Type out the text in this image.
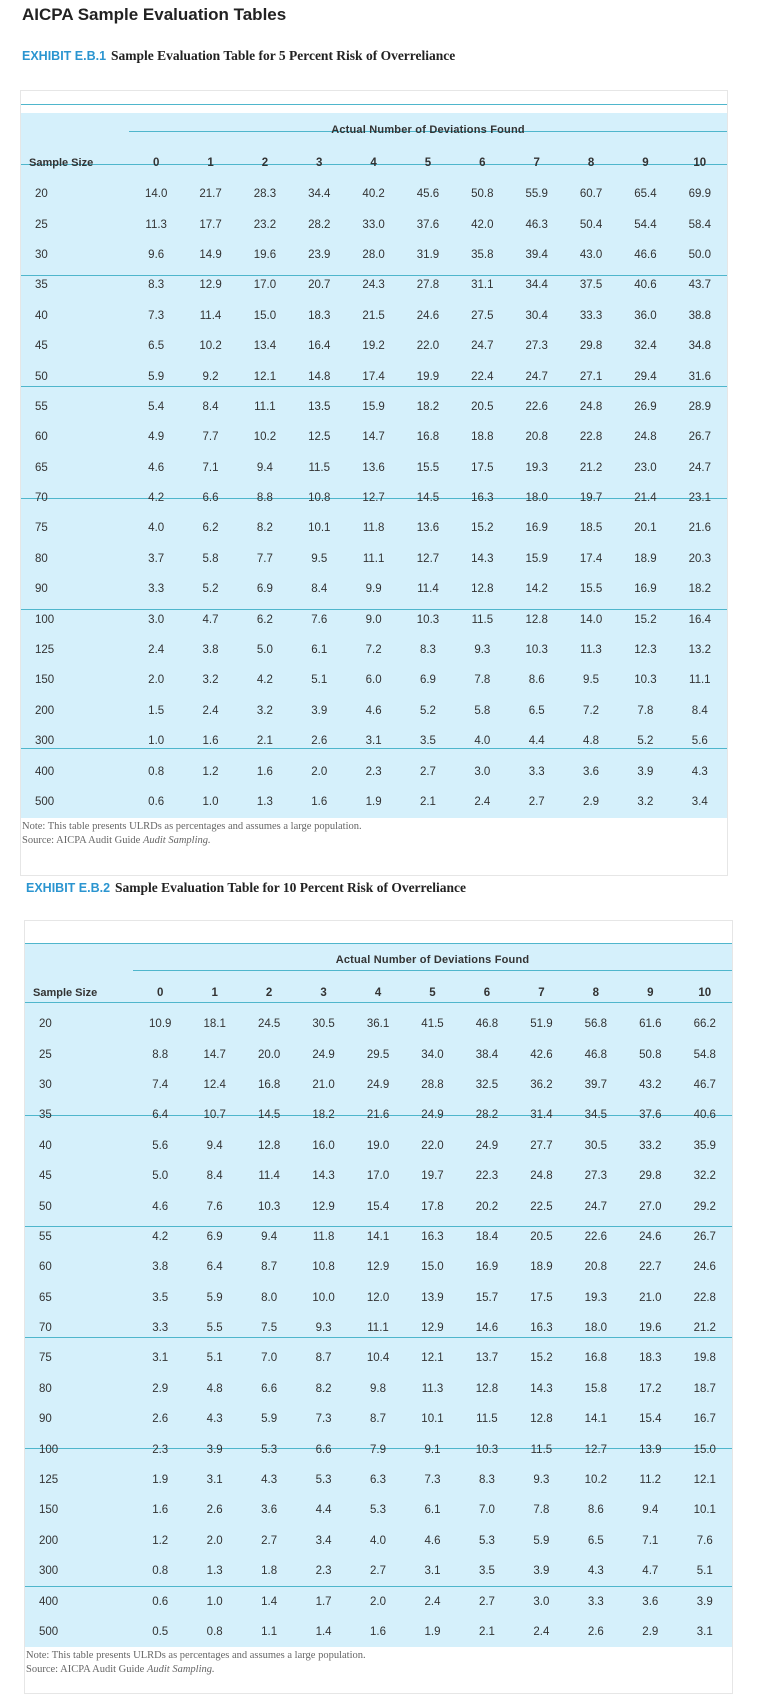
AICPA Sample Evaluation Tables
EXHIBIT E.B.1 Sample Evaluation Table for 5 Percent Risk of Overreliance
	Actual Number of Deviations Found										
Sample Size	0	1	2	3	4	5	6	7	8	9	10
20	14.0	21.7	28.3	34.4	40.2	45.6	50.8	55.9	60.7	65.4	69.9
25	11.3	17.7	23.2	28.2	33.0	37.6	42.0	46.3	50.4	54.4	58.4
30	9.6	14.9	19.6	23.9	28.0	31.9	35.8	39.4	43.0	46.6	50.0
35	8.3	12.9	17.0	20.7	24.3	27.8	31.1	34.4	37.5	40.6	43.7
40	7.3	11.4	15.0	18.3	21.5	24.6	27.5	30.4	33.3	36.0	38.8
45	6.5	10.2	13.4	16.4	19.2	22.0	24.7	27.3	29.8	32.4	34.8
50	5.9	9.2	12.1	14.8	17.4	19.9	22.4	24.7	27.1	29.4	31.6
55	5.4	8.4	11.1	13.5	15.9	18.2	20.5	22.6	24.8	26.9	28.9
60	4.9	7.7	10.2	12.5	14.7	16.8	18.8	20.8	22.8	24.8	26.7
65	4.6	7.1	9.4	11.5	13.6	15.5	17.5	19.3	21.2	23.0	24.7
70	4.2	6.6	8.8	10.8	12.7	14.5	16.3	18.0	19.7	21.4	23.1
75	4.0	6.2	8.2	10.1	11.8	13.6	15.2	16.9	18.5	20.1	21.6
80	3.7	5.8	7.7	9.5	11.1	12.7	14.3	15.9	17.4	18.9	20.3
90	3.3	5.2	6.9	8.4	9.9	11.4	12.8	14.2	15.5	16.9	18.2
100	3.0	4.7	6.2	7.6	9.0	10.3	11.5	12.8	14.0	15.2	16.4
125	2.4	3.8	5.0	6.1	7.2	8.3	9.3	10.3	11.3	12.3	13.2
150	2.0	3.2	4.2	5.1	6.0	6.9	7.8	8.6	9.5	10.3	11.1
200	1.5	2.4	3.2	3.9	4.6	5.2	5.8	6.5	7.2	7.8	8.4
300	1.0	1.6	2.1	2.6	3.1	3.5	4.0	4.4	4.8	5.2	5.6
400	0.8	1.2	1.6	2.0	2.3	2.7	3.0	3.3	3.6	3.9	4.3
500	0.6	1.0	1.3	1.6	1.9	2.1	2.4	2.7	2.9	3.2	3.4
Note: This table presents ULRDs as percentages and assumes a large population.
Source: AICPA Audit Guide Audit Sampling.
EXHIBIT E.B.2 Sample Evaluation Table for 10 Percent Risk of Overreliance
	Actual Number of Deviations Found										
Sample Size	0	1	2	3	4	5	6	7	8	9	10
20	10.9	18.1	24.5	30.5	36.1	41.5	46.8	51.9	56.8	61.6	66.2
25	8.8	14.7	20.0	24.9	29.5	34.0	38.4	42.6	46.8	50.8	54.8
30	7.4	12.4	16.8	21.0	24.9	28.8	32.5	36.2	39.7	43.2	46.7
35	6.4	10.7	14.5	18.2	21.6	24.9	28.2	31.4	34.5	37.6	40.6
40	5.6	9.4	12.8	16.0	19.0	22.0	24.9	27.7	30.5	33.2	35.9
45	5.0	8.4	11.4	14.3	17.0	19.7	22.3	24.8	27.3	29.8	32.2
50	4.6	7.6	10.3	12.9	15.4	17.8	20.2	22.5	24.7	27.0	29.2
55	4.2	6.9	9.4	11.8	14.1	16.3	18.4	20.5	22.6	24.6	26.7
60	3.8	6.4	8.7	10.8	12.9	15.0	16.9	18.9	20.8	22.7	24.6
65	3.5	5.9	8.0	10.0	12.0	13.9	15.7	17.5	19.3	21.0	22.8
70	3.3	5.5	7.5	9.3	11.1	12.9	14.6	16.3	18.0	19.6	21.2
75	3.1	5.1	7.0	8.7	10.4	12.1	13.7	15.2	16.8	18.3	19.8
80	2.9	4.8	6.6	8.2	9.8	11.3	12.8	14.3	15.8	17.2	18.7
90	2.6	4.3	5.9	7.3	8.7	10.1	11.5	12.8	14.1	15.4	16.7
100	2.3	3.9	5.3	6.6	7.9	9.1	10.3	11.5	12.7	13.9	15.0
125	1.9	3.1	4.3	5.3	6.3	7.3	8.3	9.3	10.2	11.2	12.1
150	1.6	2.6	3.6	4.4	5.3	6.1	7.0	7.8	8.6	9.4	10.1
200	1.2	2.0	2.7	3.4	4.0	4.6	5.3	5.9	6.5	7.1	7.6
300	0.8	1.3	1.8	2.3	2.7	3.1	3.5	3.9	4.3	4.7	5.1
400	0.6	1.0	1.4	1.7	2.0	2.4	2.7	3.0	3.3	3.6	3.9
500	0.5	0.8	1.1	1.4	1.6	1.9	2.1	2.4	2.6	2.9	3.1
Note: This table presents ULRDs as percentages and assumes a large population.
Source: AICPA Audit Guide Audit Sampling.
